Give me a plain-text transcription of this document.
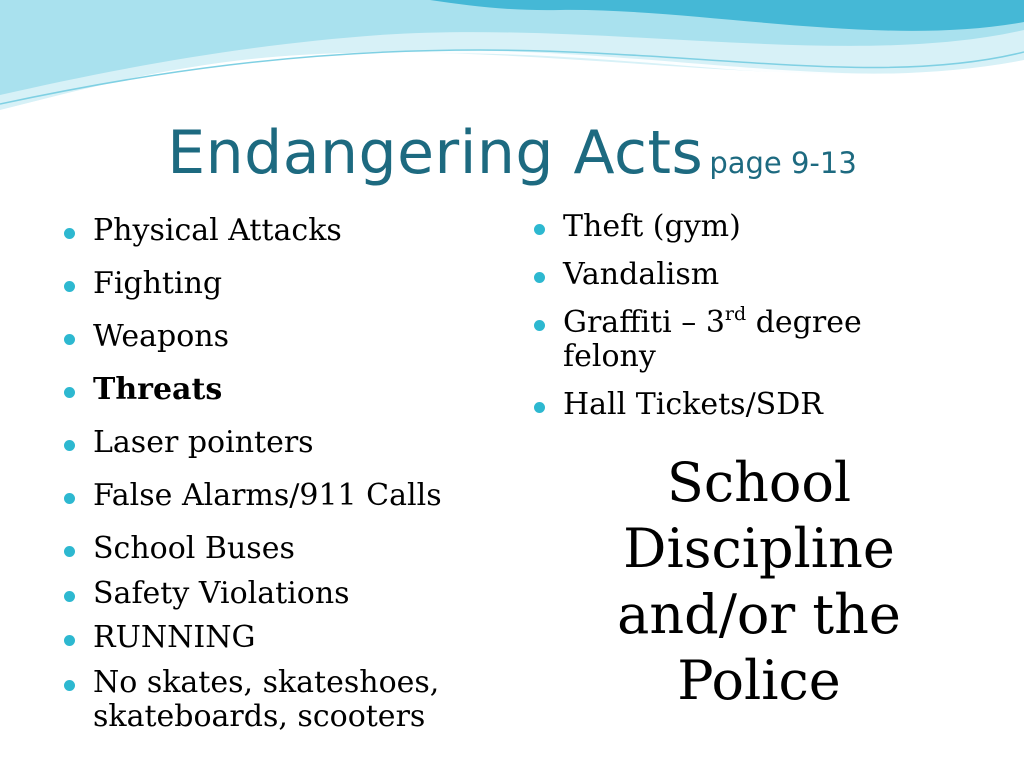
Endangering Acts page 9-13
Physical Attacks
Fighting
Weapons
Threats
Laser pointers
False Alarms/911 Calls
School Buses
Safety Violations
RUNNING
No skates, skateshoes,
skateboards, scooters
Theft (gym)
Vandalism
Graffiti – 3rd degree
felony
Hall Tickets/SDR
School
Discipline
and/or the
Police
